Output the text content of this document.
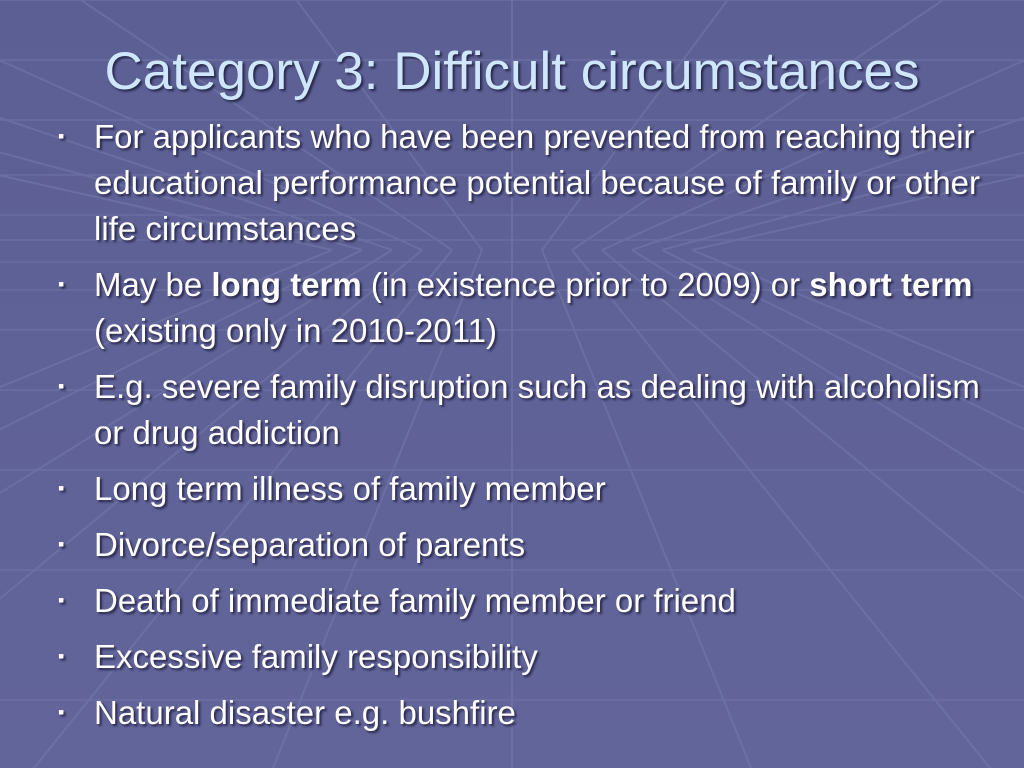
Category 3: Difficult circumstances
▪ For applicants who have been prevented from reaching their educational performance potential because of family or other life circumstances
▪ May be long term (in existence prior to 2009) or short term (existing only in 2010-2011)
▪ E.g. severe family disruption such as dealing with alcoholism or drug addiction
▪ Long term illness of family member
▪ Divorce/separation of parents
▪ Death of immediate family member or friend
▪ Excessive family responsibility
▪ Natural disaster e.g. bushfire
